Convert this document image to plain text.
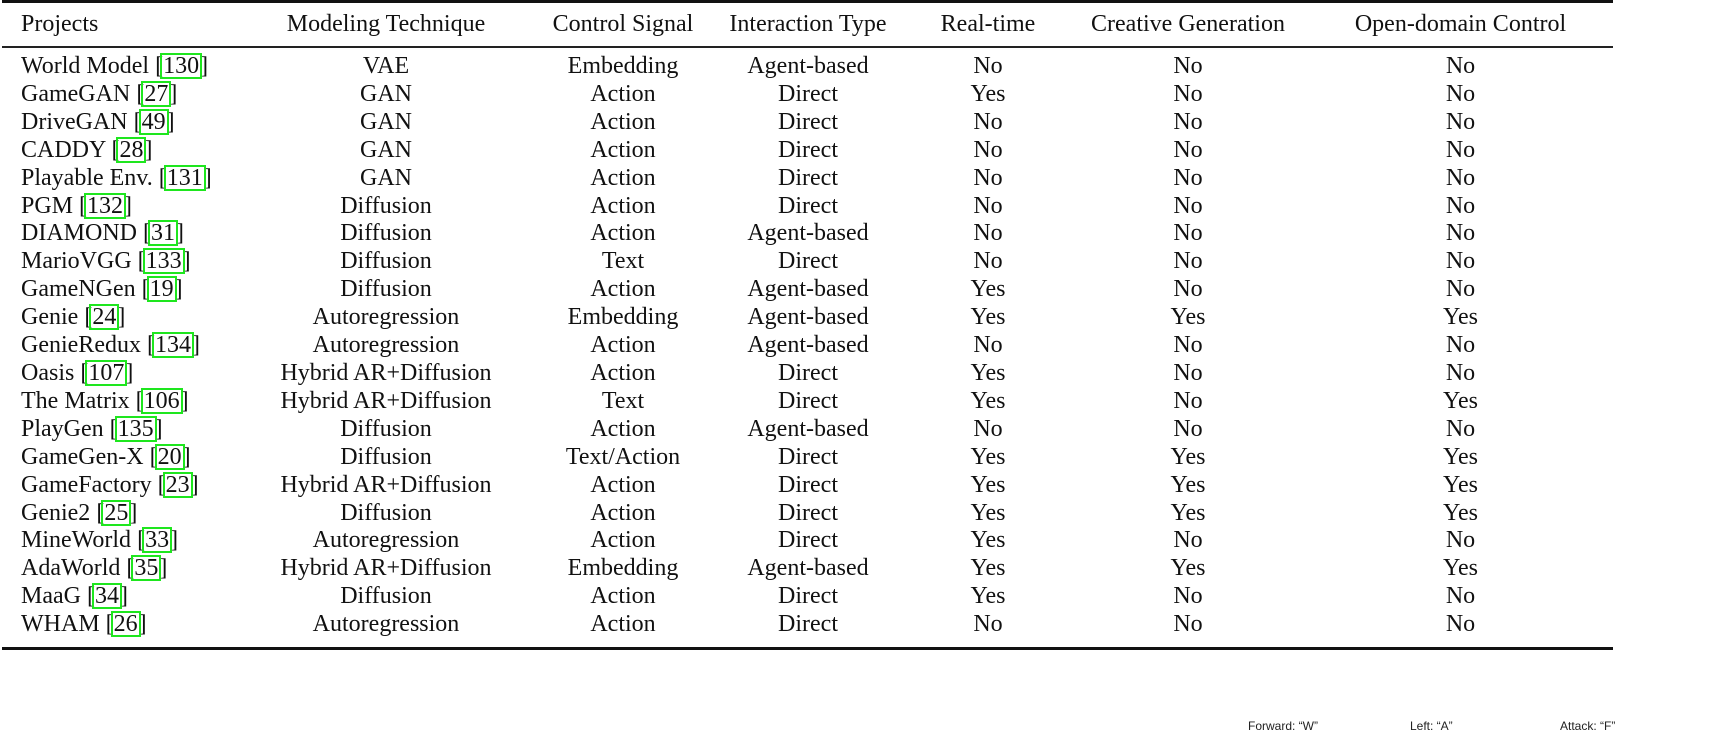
Projects	Modeling Technique	Control Signal	Interaction Type	Real-time	Creative Generation	Open-domain Control
World Model [130]	VAE	Embedding	Agent-based	No	No	No
GameGAN [27]	GAN	Action	Direct	Yes	No	No
DriveGAN [49]	GAN	Action	Direct	No	No	No
CADDY [28]	GAN	Action	Direct	No	No	No
Playable Env. [131]	GAN	Action	Direct	No	No	No
PGM [132]	Diffusion	Action	Direct	No	No	No
DIAMOND [31]	Diffusion	Action	Agent-based	No	No	No
MarioVGG [133]	Diffusion	Text	Direct	No	No	No
GameNGen [19]	Diffusion	Action	Agent-based	Yes	No	No
Genie [24]	Autoregression	Embedding	Agent-based	Yes	Yes	Yes
GenieRedux [134]	Autoregression	Action	Agent-based	No	No	No
Oasis [107]	Hybrid AR+Diffusion	Action	Direct	Yes	No	No
The Matrix [106]	Hybrid AR+Diffusion	Text	Direct	Yes	No	Yes
PlayGen [135]	Diffusion	Action	Agent-based	No	No	No
GameGen-X [20]	Diffusion	Text/Action	Direct	Yes	Yes	Yes
GameFactory [23]	Hybrid AR+Diffusion	Action	Direct	Yes	Yes	Yes
Genie2 [25]	Diffusion	Action	Direct	Yes	Yes	Yes
MineWorld [33]	Autoregression	Action	Direct	Yes	No	No
AdaWorld [35]	Hybrid AR+Diffusion	Embedding	Agent-based	Yes	Yes	Yes
MaaG [34]	Diffusion	Action	Direct	Yes	No	No
WHAM [26]	Autoregression	Action	Direct	No	No	No
Forward: “W”	Left: “A”	Attack: “F”
